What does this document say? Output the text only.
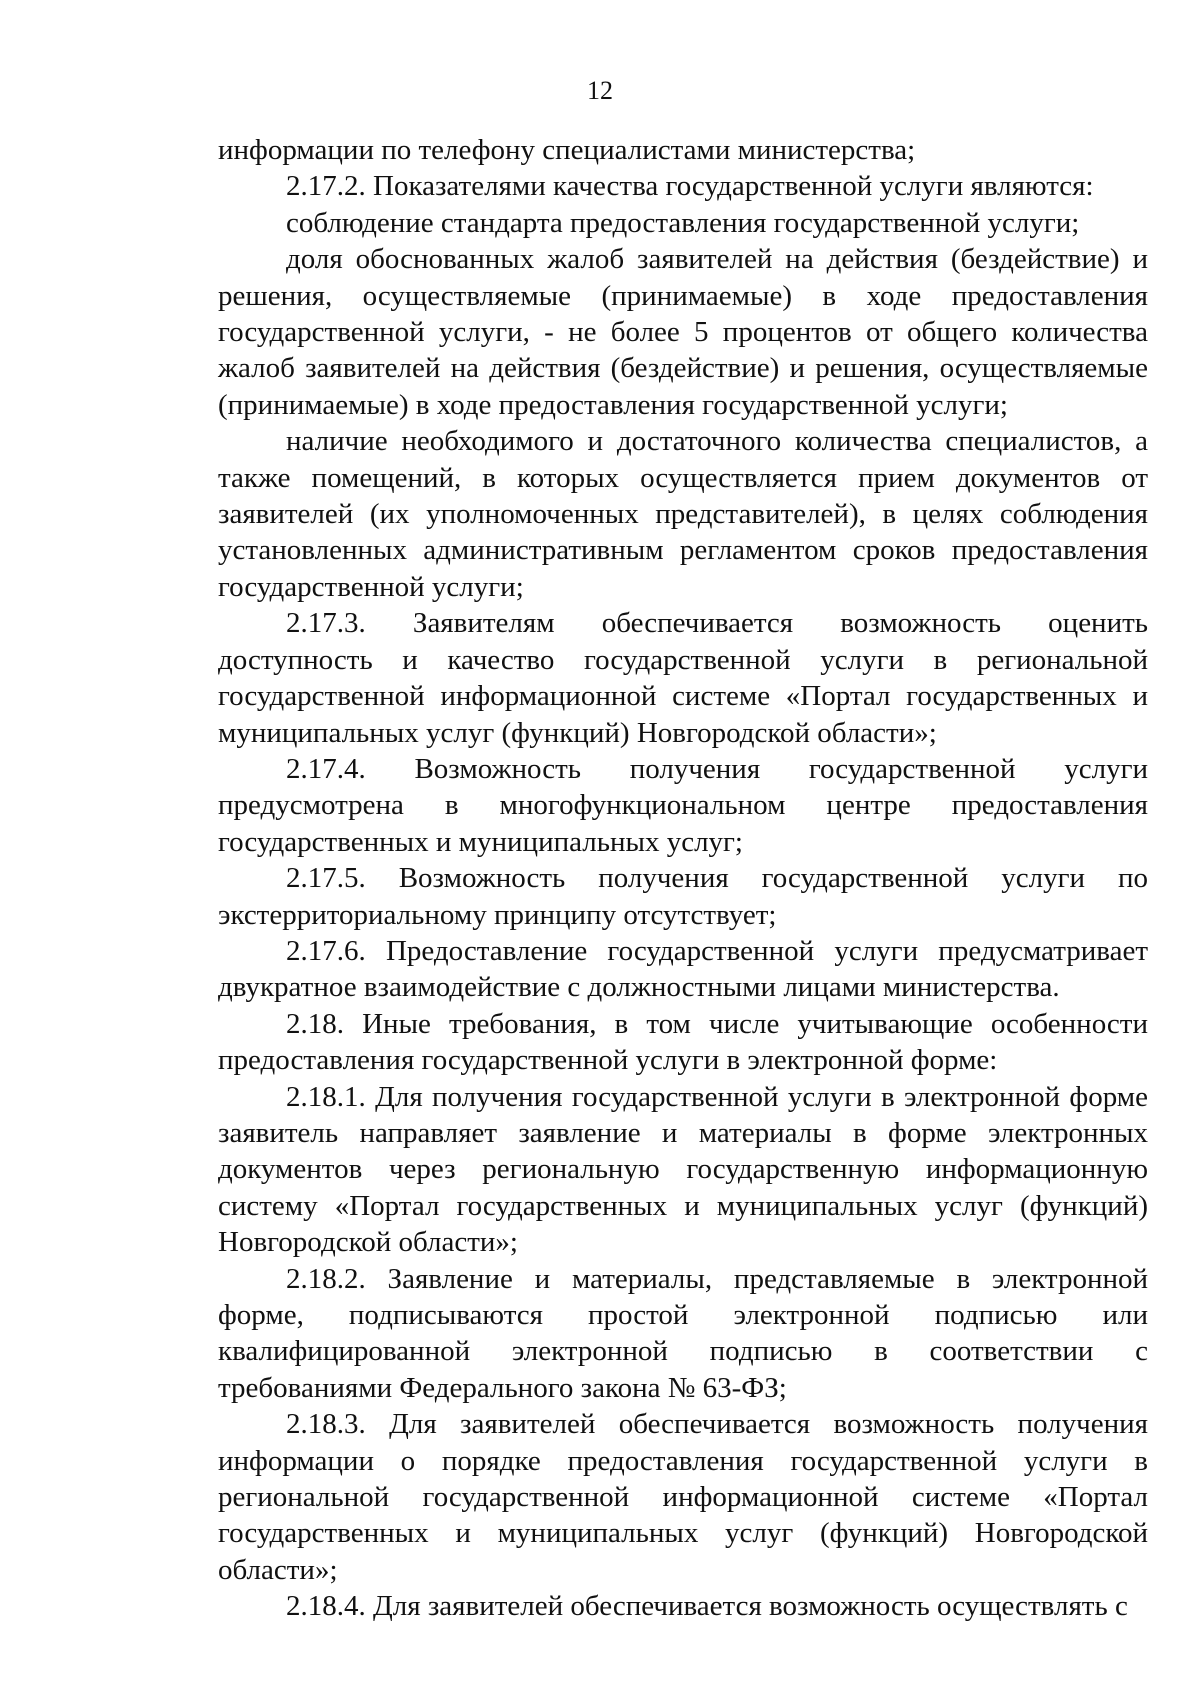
12

информации по телефону специалистами министерства;

2.17.2. Показателями качества государственной услуги являются:

соблюдение стандарта предоставления государственной услуги;

доля обоснованных жалоб заявителей на действия (бездействие) и решения, осуществляемые (принимаемые) в ходе предоставления государственной услуги, - не более 5 процентов от общего количества жалоб заявителей на действия (бездействие) и решения, осуществляемые (принимаемые) в ходе предоставления государственной услуги;

наличие необходимого и достаточного количества специалистов, а также помещений, в которых осуществляется прием документов от заявителей (их уполномоченных представителей), в целях соблюдения установленных административным регламентом сроков предоставления государственной услуги;

2.17.3. Заявителям обеспечивается возможность оценить доступность и качество государственной услуги в региональной государственной информационной системе «Портал государственных и муниципальных услуг (функций) Новгородской области»;

2.17.4. Возможность получения государственной услуги предусмотрена в многофункциональном центре предоставления государственных и муниципальных услуг;

2.17.5. Возможность получения государственной услуги по экстерриториальному принципу отсутствует;

2.17.6. Предоставление государственной услуги предусматривает двукратное взаимодействие с должностными лицами министерства.

2.18. Иные требования, в том числе учитывающие особенности предоставления государственной услуги в электронной форме:

2.18.1. Для получения государственной услуги в электронной форме заявитель направляет заявление и материалы в форме электронных документов через региональную государственную информационную систему «Портал государственных и муниципальных услуг (функций) Новгородской области»;

2.18.2. Заявление и материалы, представляемые в электронной форме, подписываются простой электронной подписью или квалифицированной электронной подписью в соответствии с требованиями Федерального закона № 63-ФЗ;

2.18.3. Для заявителей обеспечивается возможность получения информации о порядке предоставления государственной услуги в региональной государственной информационной системе «Портал государственных и муниципальных услуг (функций) Новгородской области»;

2.18.4. Для заявителей обеспечивается возможность осуществлять с
